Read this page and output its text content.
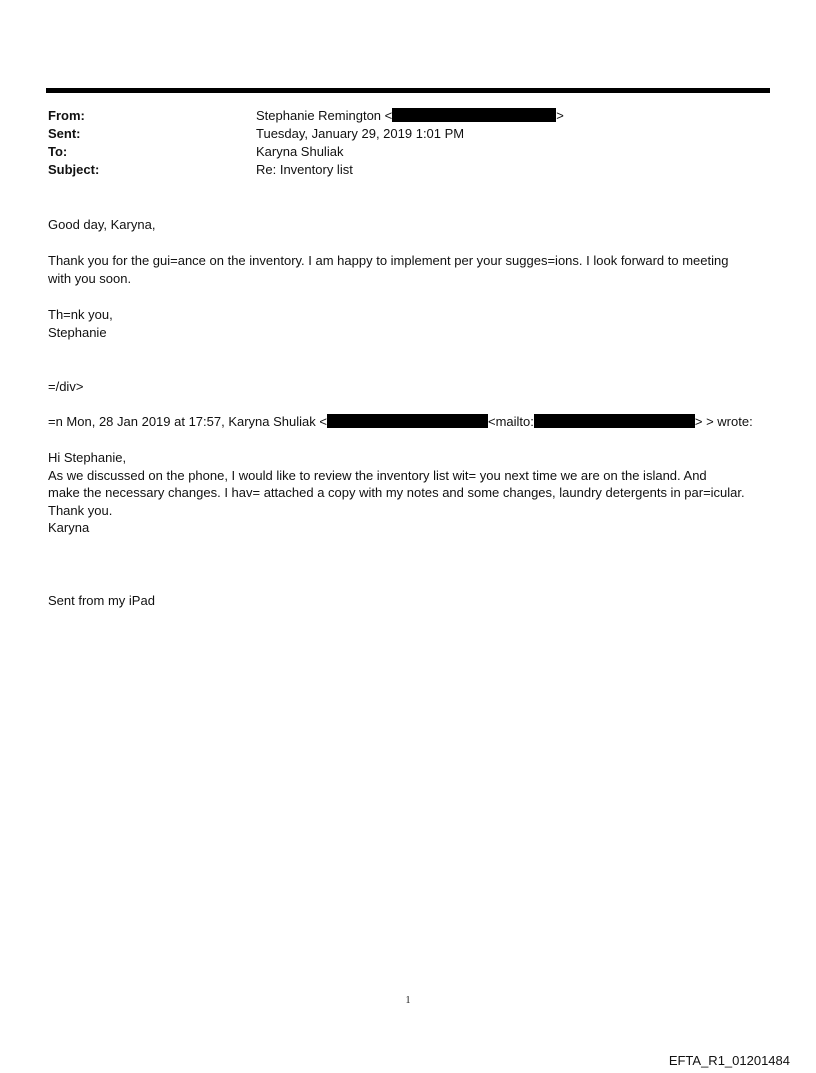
From:	Stephanie Remington <	>
Sent:	Tuesday, January 29, 2019 1:01 PM
To:	Karyna Shuliak
Subject:	Re: Inventory list

Good day, Karyna,

Thank you for the gui=ance on the inventory. I am happy to implement per your sugges=ions. I look forward to meeting
with you soon.
Th=nk you,
Stephanie

=/div>

=n Mon, 28 Jan 2019 at 17:57, Karyna Shuliak <	<mailto:	> > wrote:
Hi Stephanie,
As we discussed on the phone, I would like to review the inventory list wit= you next time we are on the island. And
make the necessary changes. I hav= attached a copy with my notes and some changes, laundry detergents in par=icular.
Thank you.
Karyna

Sent from my iPad

1
EFTA_R1_01201484
